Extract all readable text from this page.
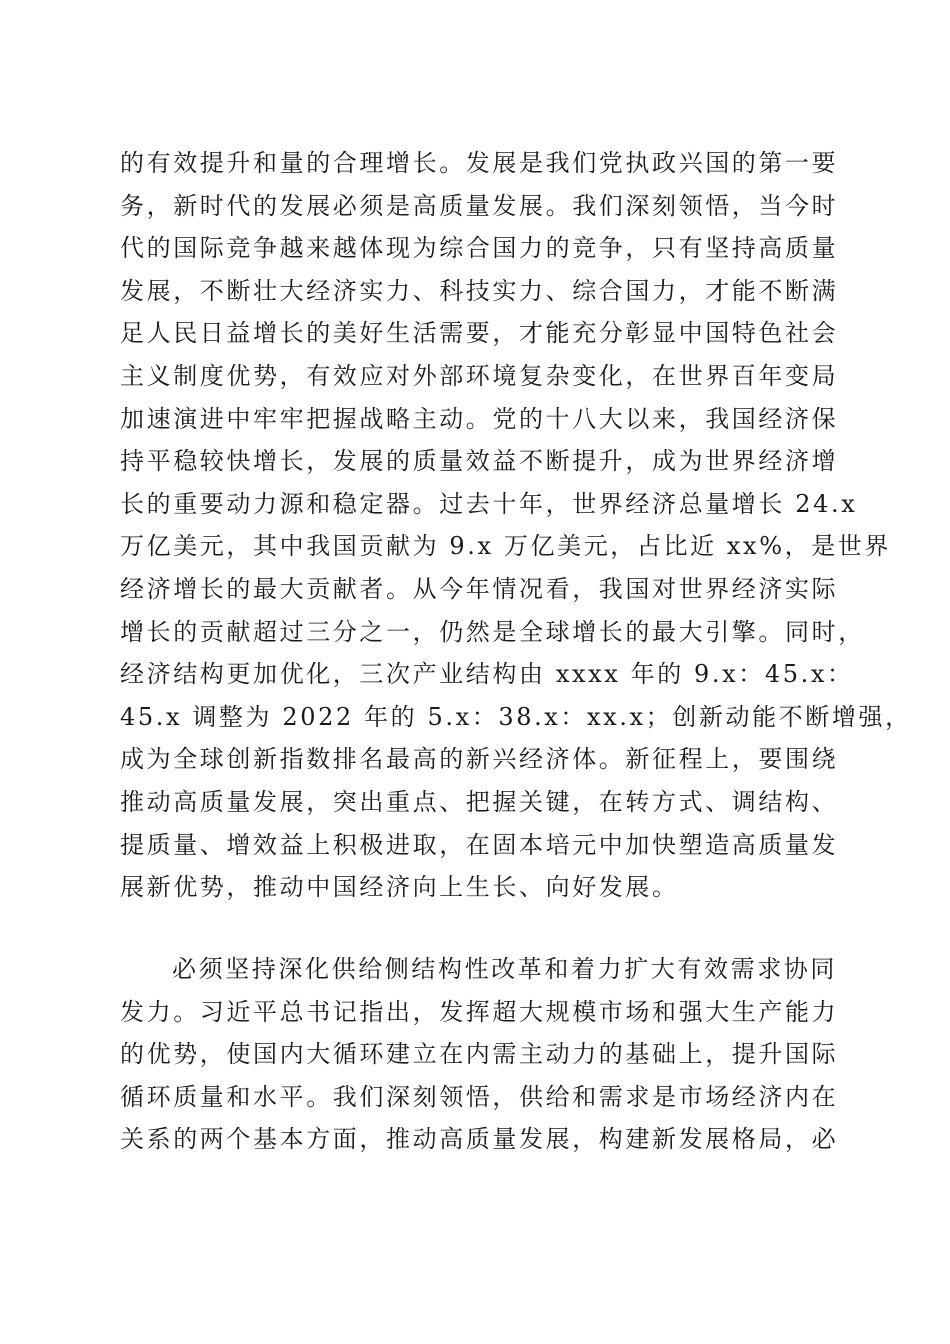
的有效提升和量的合理增长。发展是我们党执政兴国的第一要
务，新时代的发展必须是高质量发展。我们深刻领悟，当今时
代的国际竞争越来越体现为综合国力的竞争，只有坚持高质量
发展，不断壮大经济实力、科技实力、综合国力，才能不断满
足人民日益增长的美好生活需要，才能充分彰显中国特色社会
主义制度优势，有效应对外部环境复杂变化，在世界百年变局
加速演进中牢牢把握战略主动。党的十八大以来，我国经济保
持平稳较快增长，发展的质量效益不断提升，成为世界经济增
长的重要动力源和稳定器。过去十年，世界经济总量增长 24.x
万亿美元，其中我国贡献为 9.x 万亿美元，占比近 xx%，是世界
经济增长的最大贡献者。从今年情况看，我国对世界经济实际
增长的贡献超过三分之一，仍然是全球增长的最大引擎。同时，
经济结构更加优化，三次产业结构由 xxxx 年的 9.x：45.x：
45.x 调整为 2022 年的 5.x：38.x：xx.x；创新动能不断增强，
成为全球创新指数排名最高的新兴经济体。新征程上，要围绕
推动高质量发展，突出重点、把握关键，在转方式、调结构、
提质量、增效益上积极进取，在固本培元中加快塑造高质量发
展新优势，推动中国经济向上生长、向好发展。
必须坚持深化供给侧结构性改革和着力扩大有效需求协同
发力。习近平总书记指出，发挥超大规模市场和强大生产能力
的优势，使国内大循环建立在内需主动力的基础上，提升国际
循环质量和水平。我们深刻领悟，供给和需求是市场经济内在
关系的两个基本方面，推动高质量发展，构建新发展格局，必
